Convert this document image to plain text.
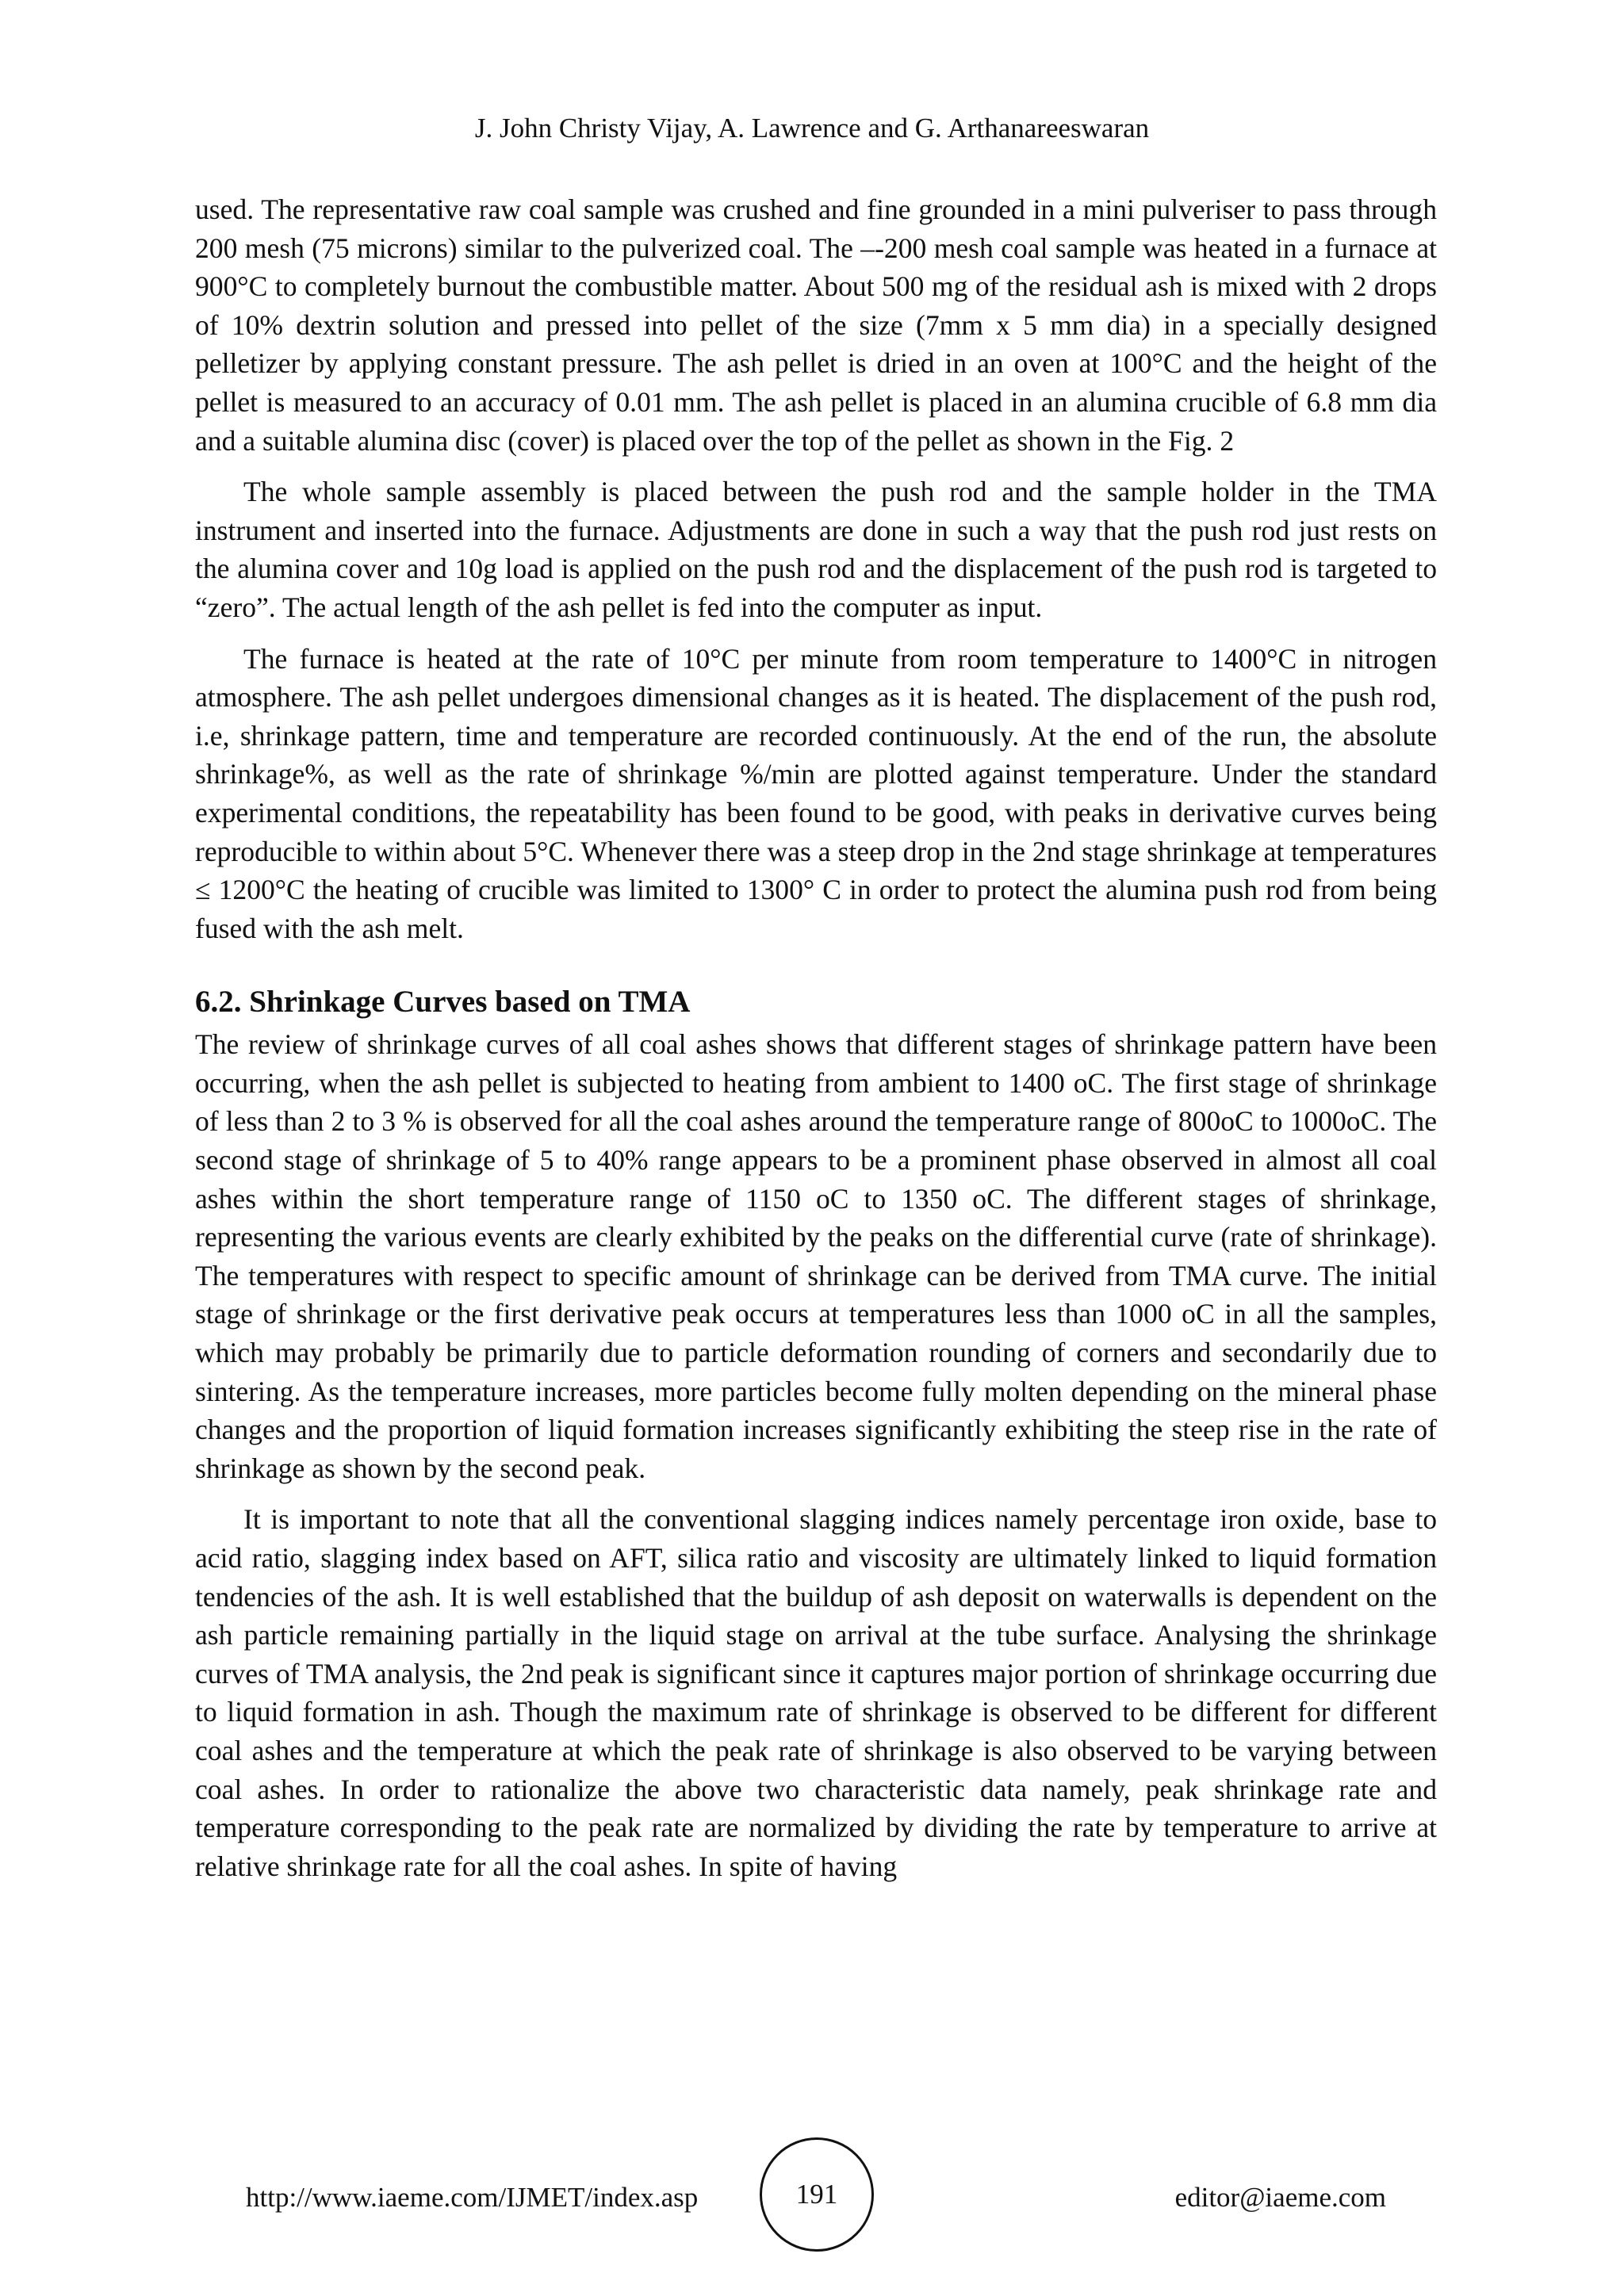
J. John Christy Vijay, A. Lawrence and G. Arthanareeswaran

used. The representative raw coal sample was crushed and fine grounded in a mini pulveriser to pass through 200 mesh (75 microns) similar to the pulverized coal. The –-200 mesh coal sample was heated in a furnace at 900°C to completely burnout the combustible matter. About 500 mg of the residual ash is mixed with 2 drops of 10% dextrin solution and pressed into pellet of the size (7mm x 5 mm dia) in a specially designed pelletizer by applying constant pressure. The ash pellet is dried in an oven at 100°C and the height of the pellet is measured to an accuracy of 0.01 mm. The ash pellet is placed in an alumina crucible of 6.8 mm dia and a suitable alumina disc (cover) is placed over the top of the pellet as shown in the Fig. 2

The whole sample assembly is placed between the push rod and the sample holder in the TMA instrument and inserted into the furnace. Adjustments are done in such a way that the push rod just rests on the alumina cover and 10g load is applied on the push rod and the displacement of the push rod is targeted to “zero”. The actual length of the ash pellet is fed into the computer as input.

The furnace is heated at the rate of 10°C per minute from room temperature to 1400°C in nitrogen atmosphere. The ash pellet undergoes dimensional changes as it is heated. The displacement of the push rod, i.e, shrinkage pattern, time and temperature are recorded continuously. At the end of the run, the absolute shrinkage%, as well as the rate of shrinkage %/min are plotted against temperature. Under the standard experimental conditions, the repeatability has been found to be good, with peaks in derivative curves being reproducible to within about 5°C. Whenever there was a steep drop in the 2nd stage shrinkage at temperatures ≤ 1200°C the heating of crucible was limited to 1300° C in order to protect the alumina push rod from being fused with the ash melt.

6.2. Shrinkage Curves based on TMA

The review of shrinkage curves of all coal ashes shows that different stages of shrinkage pattern have been occurring, when the ash pellet is subjected to heating from ambient to 1400 oC. The first stage of shrinkage of less than 2 to 3 % is observed for all the coal ashes around the temperature range of 800oC to 1000oC. The second stage of shrinkage of 5 to 40% range appears to be a prominent phase observed in almost all coal ashes within the short temperature range of 1150 oC to 1350 oC. The different stages of shrinkage, representing the various events are clearly exhibited by the peaks on the differential curve (rate of shrinkage). The temperatures with respect to specific amount of shrinkage can be derived from TMA curve. The initial stage of shrinkage or the first derivative peak occurs at temperatures less than 1000 oC in all the samples, which may probably be primarily due to particle deformation rounding of corners and secondarily due to sintering. As the temperature increases, more particles become fully molten depending on the mineral phase changes and the proportion of liquid formation increases significantly exhibiting the steep rise in the rate of shrinkage as shown by the second peak.

It is important to note that all the conventional slagging indices namely percentage iron oxide, base to acid ratio, slagging index based on AFT, silica ratio and viscosity are ultimately linked to liquid formation tendencies of the ash. It is well established that the buildup of ash deposit on waterwalls is dependent on the ash particle remaining partially in the liquid stage on arrival at the tube surface. Analysing the shrinkage curves of TMA analysis, the 2nd peak is significant since it captures major portion of shrinkage occurring due to liquid formation in ash. Though the maximum rate of shrinkage is observed to be different for different coal ashes and the temperature at which the peak rate of shrinkage is also observed to be varying between coal ashes. In order to rationalize the above two characteristic data namely, peak shrinkage rate and temperature corresponding to the peak rate are normalized by dividing the rate by temperature to arrive at relative shrinkage rate for all the coal ashes. In spite of having

http://www.iaeme.com/IJMET/index.asp	191	editor@iaeme.com
